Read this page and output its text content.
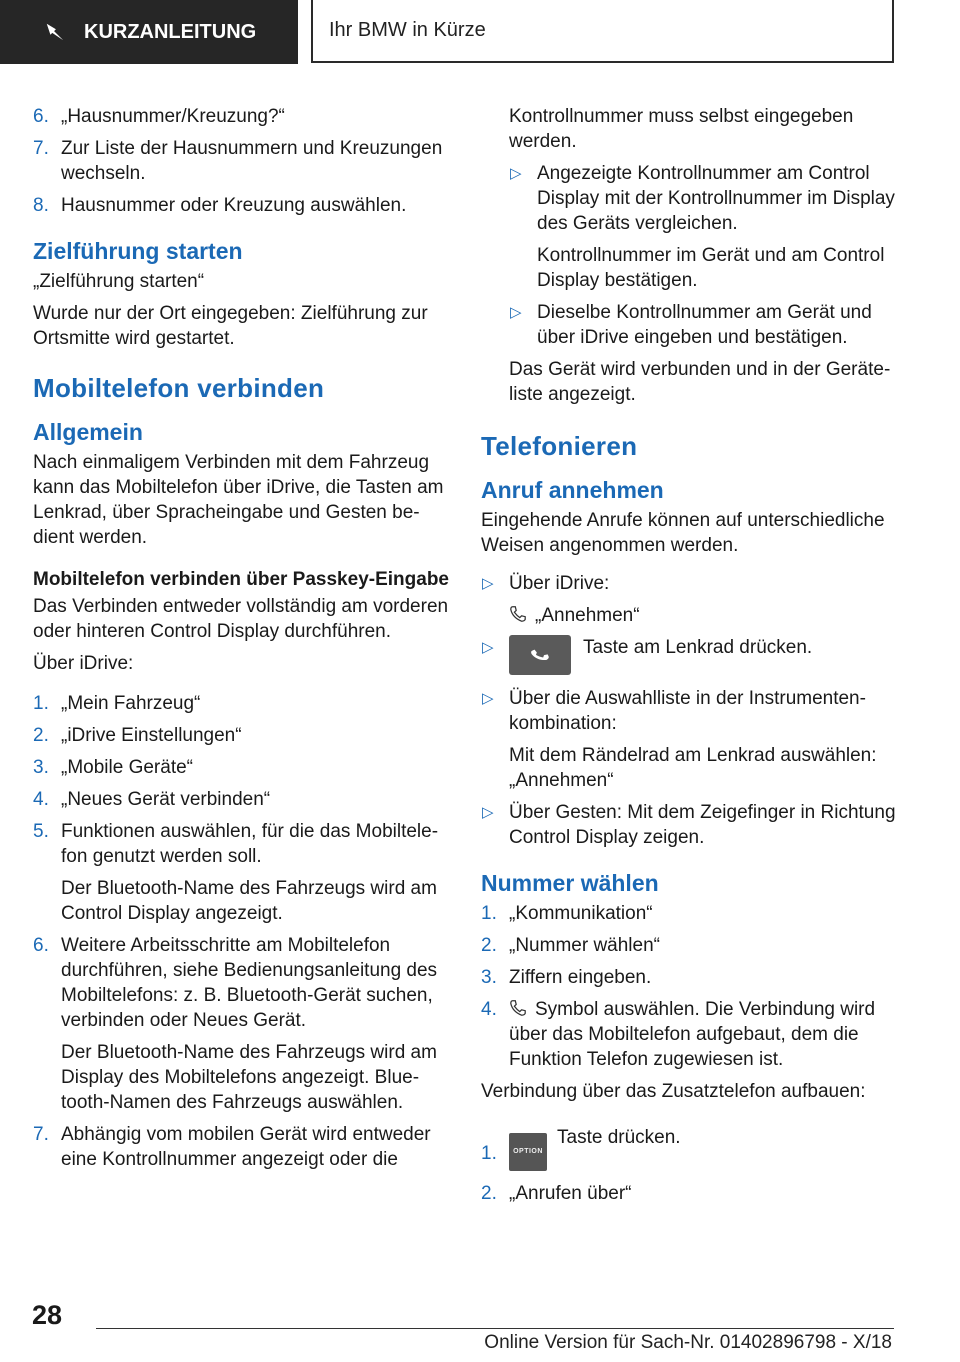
KURZANLEITUNG	Ihr BMW in Kürze
6. „Hausnummer/Kreuzung?“

7. Zur Liste der Hausnummern und Kreuzungen wechseln.

8. Hausnummer oder Kreuzung auswählen.

Zielführung starten

„Zielführung starten“

Wurde nur der Ort eingegeben: Zielführung zur Ortsmitte wird gestartet.

Mobiltelefon verbinden
Allgemein

Nach einmaligem Verbinden mit dem Fahrzeug kann das Mobiltelefon über iDrive, die Tasten am Lenkrad, über Spracheingabe und Gesten bedient werden.

Mobiltelefon verbinden über Passkey-Eingabe

Das Verbinden entweder vollständig am vorderen oder hinteren Control Display durchführen.

Über iDrive:

1. „Mein Fahrzeug“

2. „iDrive Einstellungen“

3. „Mobile Geräte“

4. „Neues Gerät verbinden“

5. Funktionen auswählen, für die das Mobiltelefon genutzt werden soll.

Der Bluetooth-Name des Fahrzeugs wird am Control Display angezeigt.

6. Weitere Arbeitsschritte am Mobiltelefon durchführen, siehe Bedienungsanleitung des Mobiltelefons: z. B. Bluetooth-Gerät suchen, verbinden oder Neues Gerät.

Der Bluetooth-Name des Fahrzeugs wird am Display des Mobiltelefons angezeigt. Bluetooth-Namen des Fahrzeugs auswählen.

7. Abhängig vom mobilen Gerät wird entweder eine Kontrollnummer angezeigt oder die

Kontrollnummer muss selbst eingegeben werden.

▷ Angezeigte Kontrollnummer am Control Display mit der Kontrollnummer im Display des Geräts vergleichen.

Kontrollnummer im Gerät und am Control Display bestätigen.

▷ Dieselbe Kontrollnummer am Gerät und über iDrive eingeben und bestätigen.

Das Gerät wird verbunden und in der Geräteliste angezeigt.

Telefonieren
Anruf annehmen

Eingehende Anrufe können auf unterschiedliche Weisen angenommen werden.

▷ Über iDrive:

„Annehmen“

▷	Taste am Lenkrad drücken.
▷ Über die Auswahlliste in der Instrumentenkombination:

Mit dem Rändelrad am Lenkrad auswählen: „Annehmen“

▷ Über Gesten: Mit dem Zeigefinger in Richtung Control Display zeigen.

Nummer wählen
1. „Kommunikation“

2. „Nummer wählen“

3. Ziffern eingeben.

4.	Symbol auswählen. Die Verbindung wird über das Mobiltelefon aufgebaut, dem die Funktion Telefon zugewiesen ist.

Verbindung über das Zusatztelefon aufbauen:

1. OPTIONTaste drücken.
2. „Anrufen über“

28
Online Version für Sach-Nr. 01402896798 - X/18
